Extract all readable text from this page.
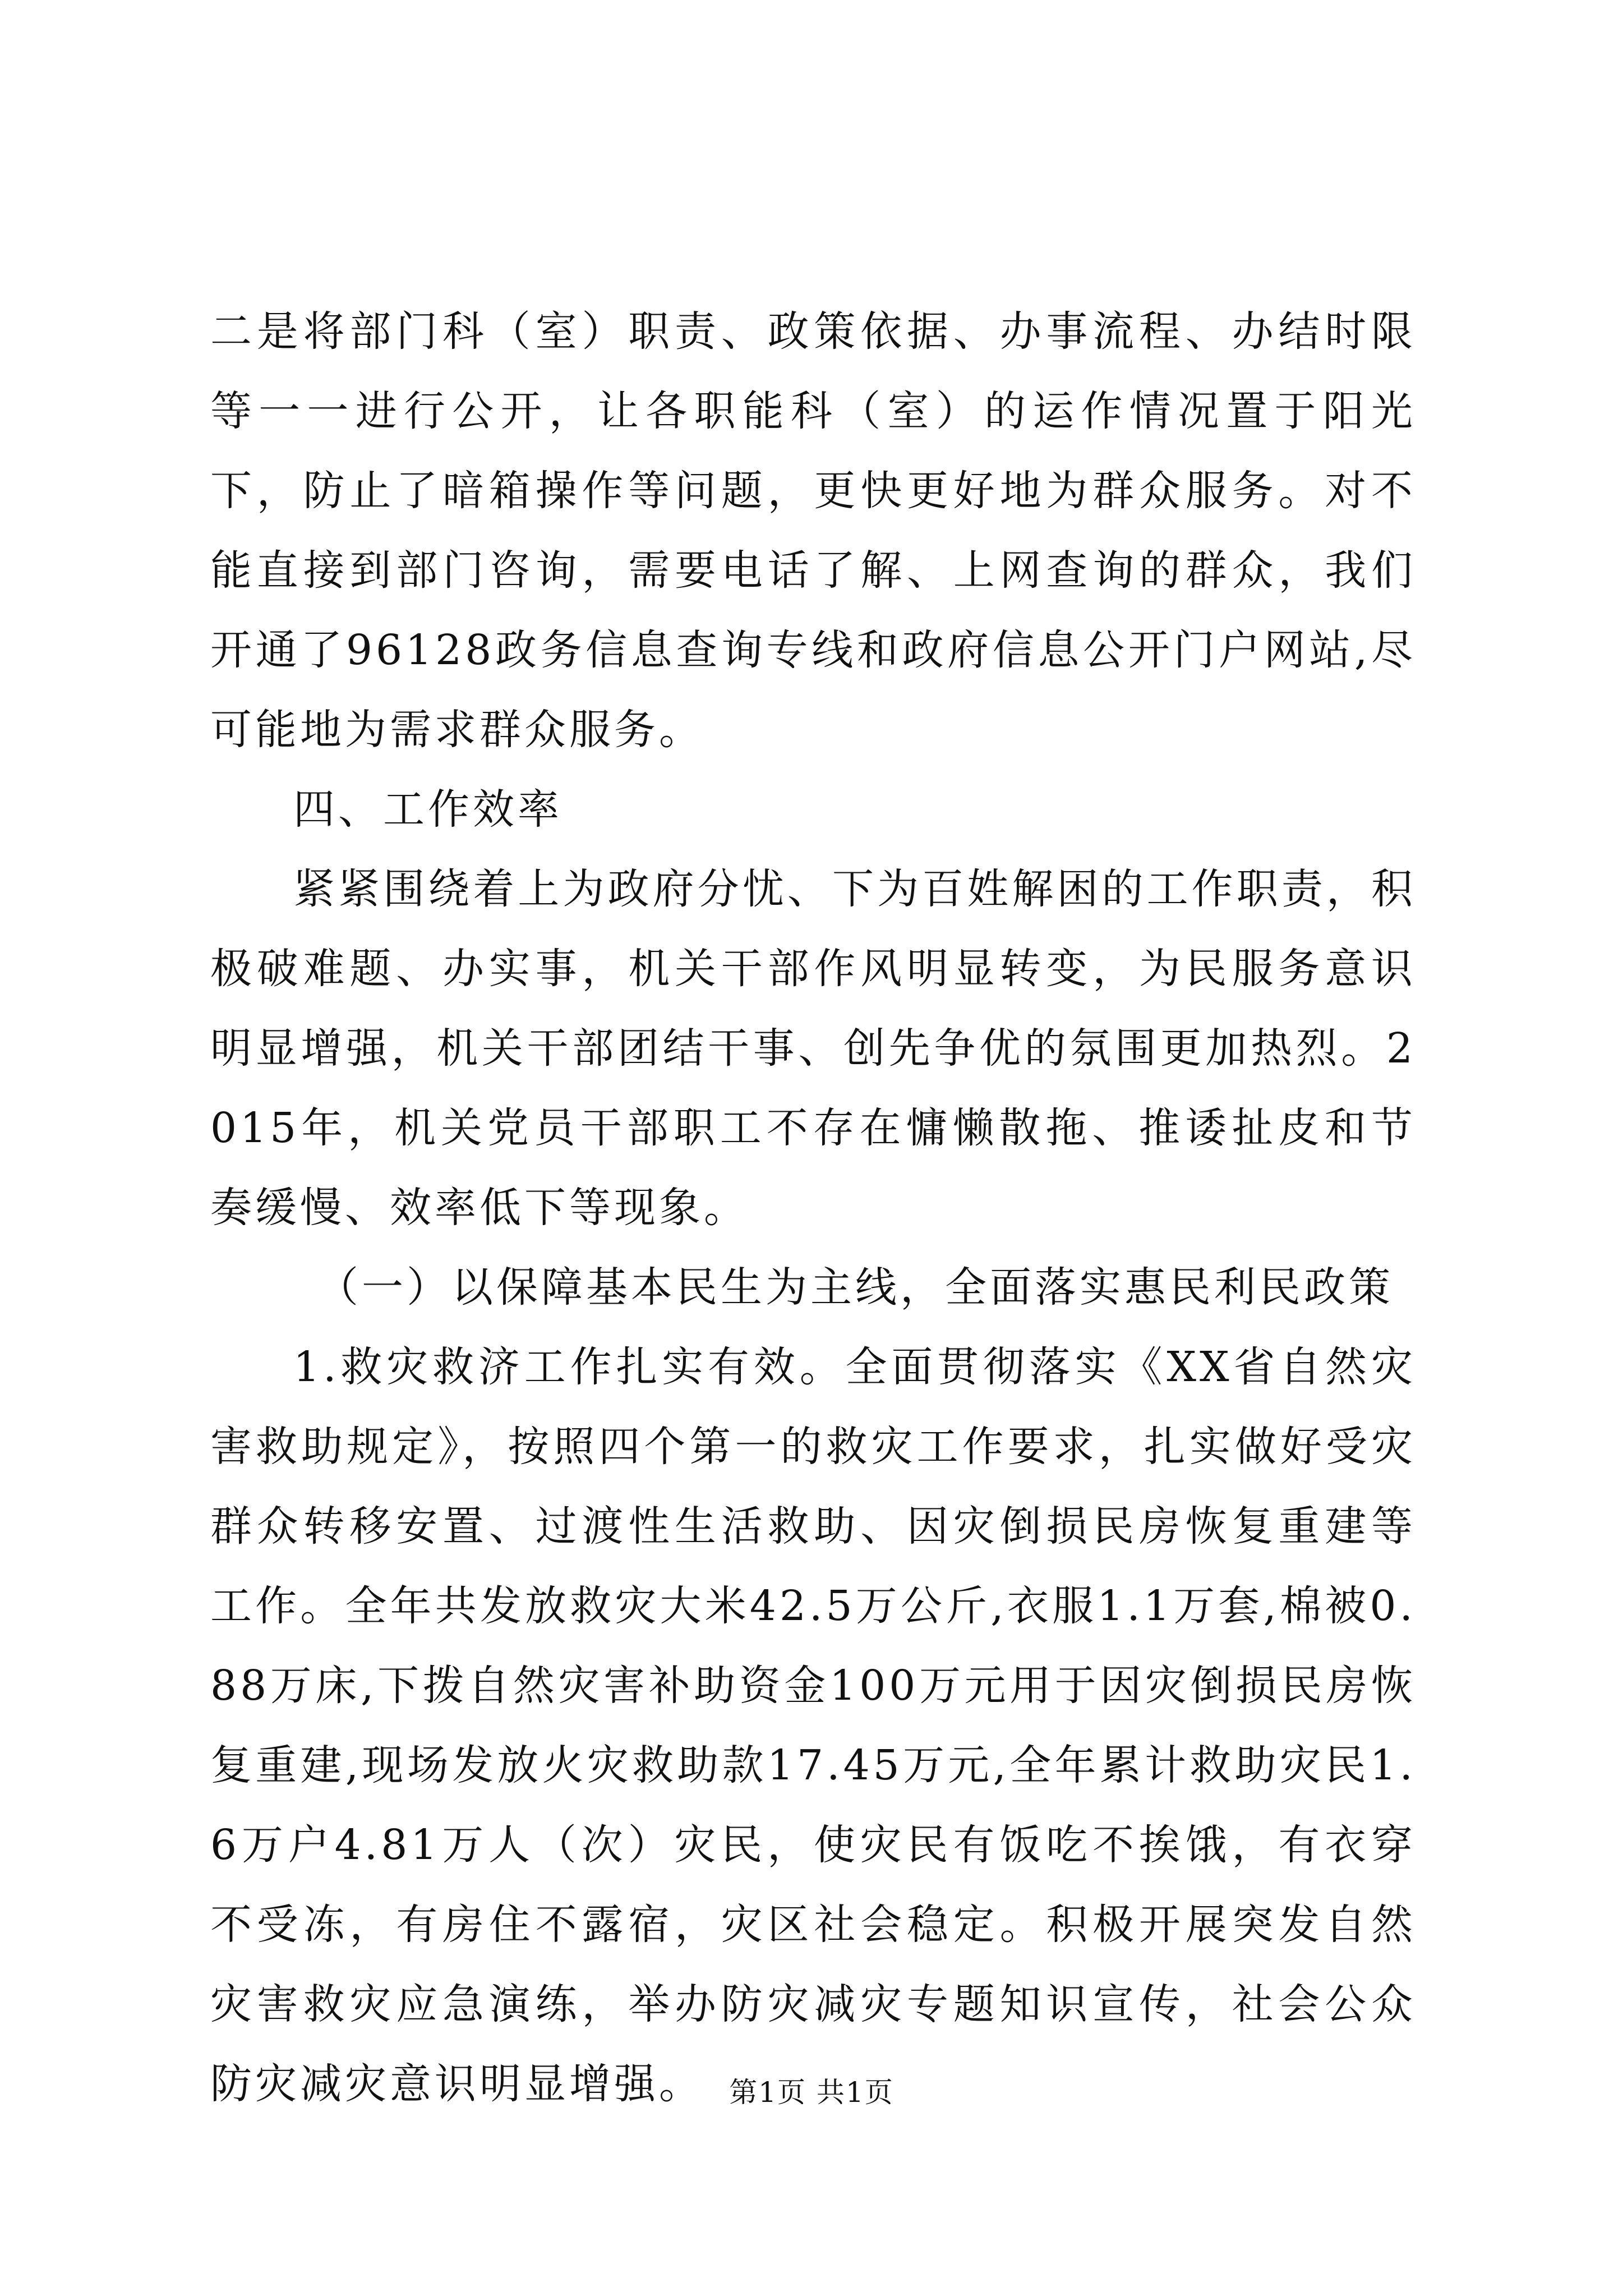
二是将部门科（室）职责、政策依据、办事流程、办结时限等一一进行公开，让各职能科（室）的运作情况置于阳光下，防止了暗箱操作等问题，更快更好地为群众服务。对不能直接到部门咨询，需要电话了解、上网查询的群众，我们开通了96128政务信息查询专线和政府信息公开门户网站,尽可能地为需求群众服务。

四、工作效率

紧紧围绕着上为政府分忧、下为百姓解困的工作职责，积极破难题、办实事，机关干部作风明显转变，为民服务意识明显增强，机关干部团结干事、创先争优的氛围更加热烈。2015年，机关党员干部职工不存在慵懒散拖、推诿扯皮和节奏缓慢、效率低下等现象。

（一）以保障基本民生为主线，全面落实惠民利民政策

1.救灾救济工作扎实有效。全面贯彻落实《XX省自然灾害救助规定》，按照四个第一的救灾工作要求，扎实做好受灾群众转移安置、过渡性生活救助、因灾倒损民房恢复重建等工作。全年共发放救灾大米42.5万公斤,衣服1.1万套,棉被0.88万床,下拨自然灾害补助资金100万元用于因灾倒损民房恢复重建,现场发放火灾救助款17.45万元,全年累计救助灾民1.6万户4.81万人（次）灾民，使灾民有饭吃不挨饿，有衣穿不受冻，有房住不露宿，灾区社会稳定。积极开展突发自然灾害救灾应急演练，举办防灾减灾专题知识宣传，社会公众防灾减灾意识明显增强。 第1页 共1页
